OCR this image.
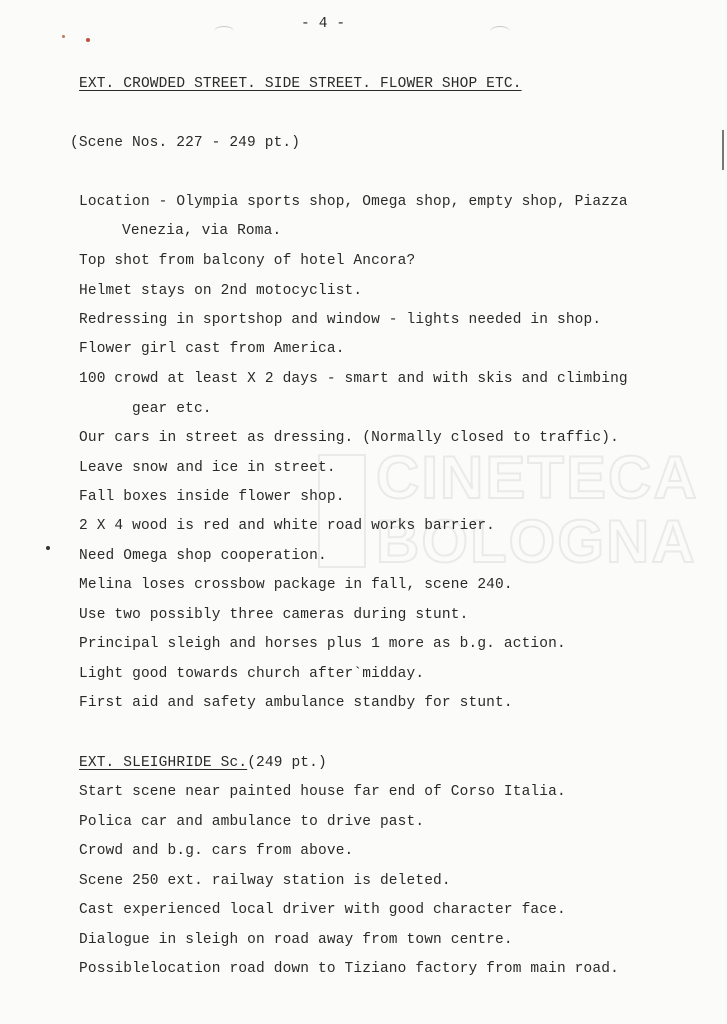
CINETECA
BOLOGNA
- 4 -
EXT. CROWDED STREET. SIDE STREET. FLOWER SHOP ETC.
(Scene Nos. 227 - 249 pt.)
Location - Olympia sports shop, Omega shop, empty shop, Piazza
Venezia, via Roma.
Top shot from balcony of hotel Ancora?
Helmet stays on 2nd motocyclist.
Redressing in sportshop and window - lights needed in shop.
Flower girl cast from America.
100 crowd at least X 2 days - smart and with skis and climbing
gear etc.
Our cars in street as dressing. (Normally closed to traffic).
Leave snow and ice in street.
Fall boxes inside flower shop.
2 X 4 wood is red and white road works barrier.
Need Omega shop cooperation.
Melina loses crossbow package in fall, scene 240.
Use two possibly three cameras during stunt.
Principal sleigh and horses plus 1 more as b.g. action.
Light good towards church after`midday.
First aid and safety ambulance standby for stunt.
EXT. SLEIGHRIDE Sc.(249 pt.)
Start scene near painted house far end of Corso Italia.
Polica car and ambulance to drive past.
Crowd and b.g. cars from above.
Scene 250 ext. railway station is deleted.
Cast experienced local driver with good character face.
Dialogue in sleigh on road away from town centre.
Possiblelocation road down to Tiziano factory from main road.
